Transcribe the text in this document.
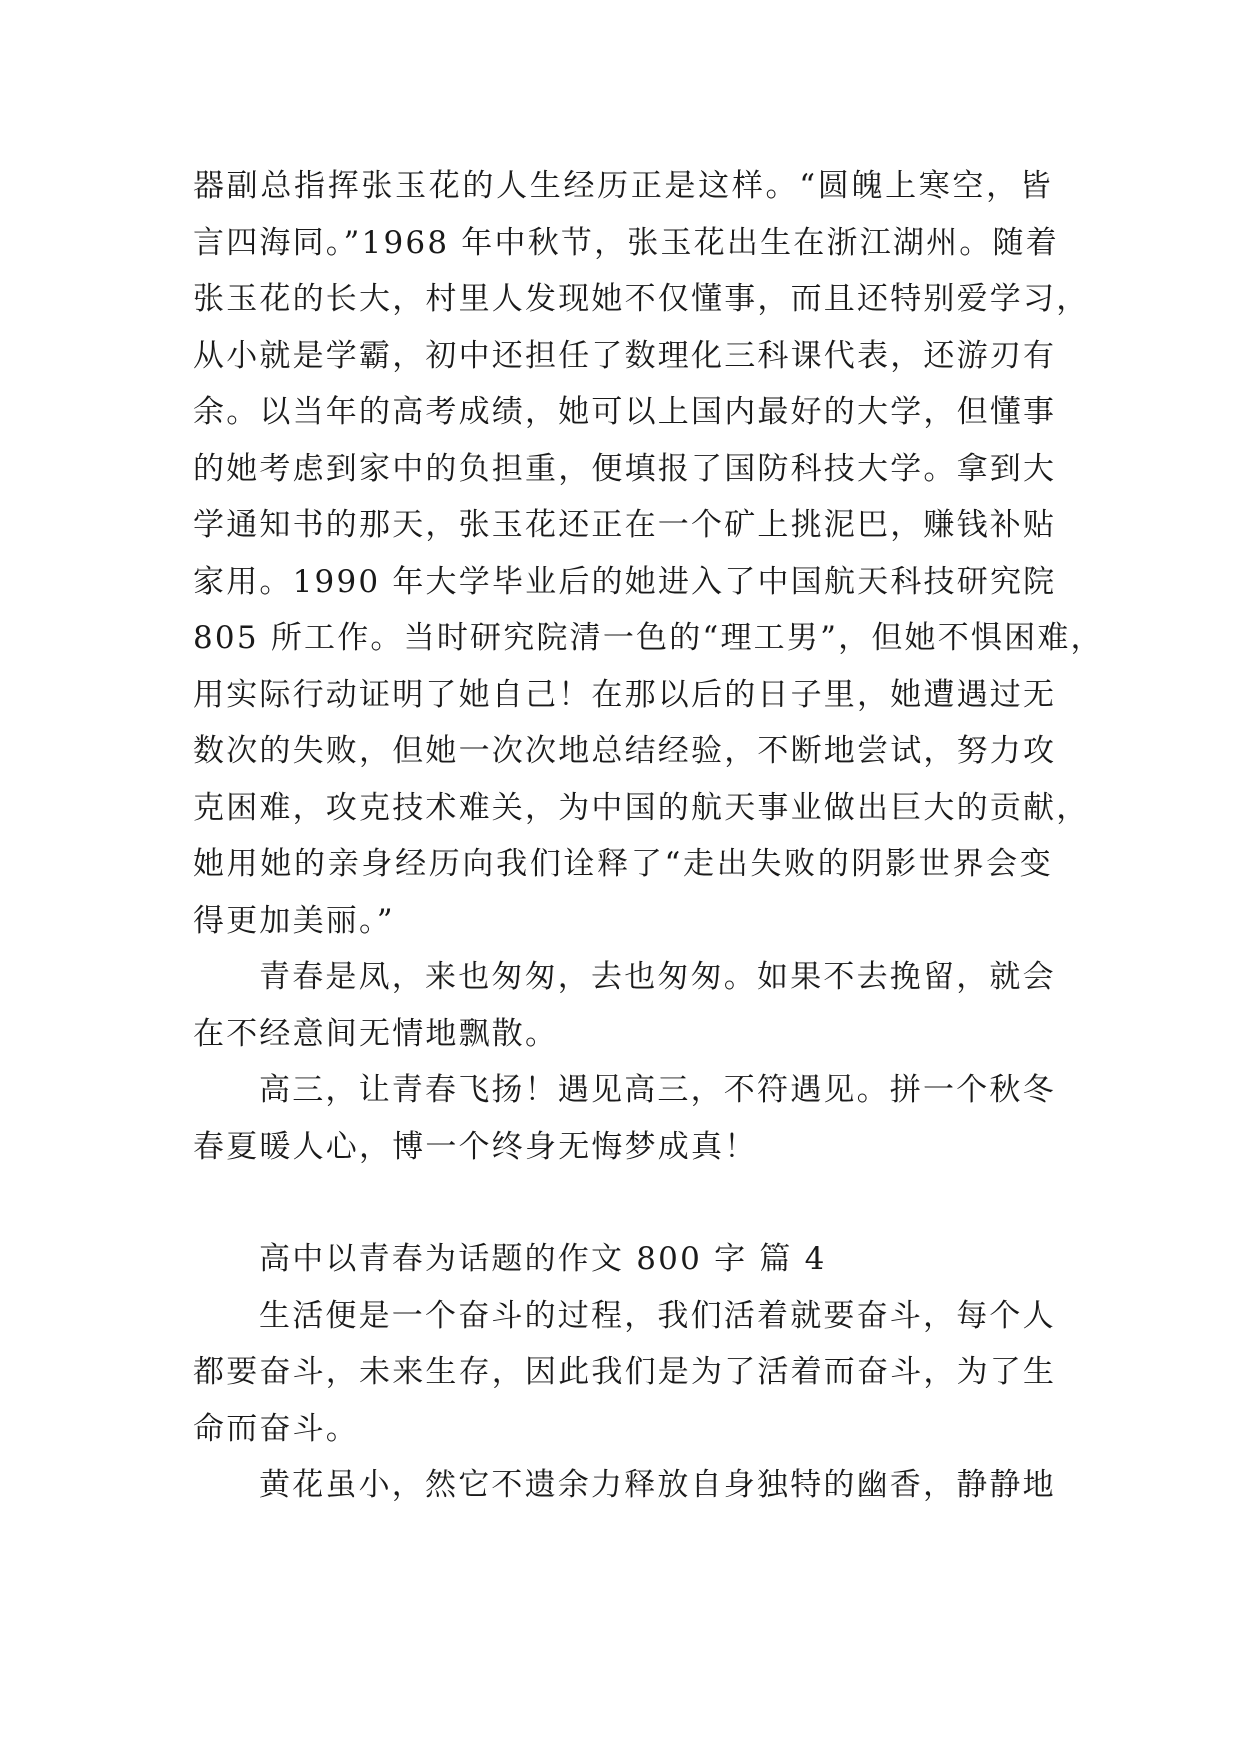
器副总指挥张玉花的人生经历正是这样。“圆魄上寒空，皆
言四海同。”1968 年中秋节，张玉花出生在浙江湖州。随着
张玉花的长大，村里人发现她不仅懂事，而且还特别爱学习，
从小就是学霸，初中还担任了数理化三科课代表，还游刃有
余。以当年的高考成绩，她可以上国内最好的大学，但懂事
的她考虑到家中的负担重，便填报了国防科技大学。拿到大
学通知书的那天，张玉花还正在一个矿上挑泥巴，赚钱补贴
家用。1990 年大学毕业后的她进入了中国航天科技研究院
805 所工作。当时研究院清一色的“理工男”，但她不惧困难，
用实际行动证明了她自己！在那以后的日子里，她遭遇过无
数次的失败，但她一次次地总结经验，不断地尝试，努力攻
克困难，攻克技术难关，为中国的航天事业做出巨大的贡献，
她用她的亲身经历向我们诠释了“走出失败的阴影世界会变
得更加美丽。”
青春是凤，来也匆匆，去也匆匆。如果不去挽留，就会
在不经意间无情地飘散。
高三，让青春飞扬！遇见高三，不符遇见。拼一个秋冬
春夏暖人心，博一个终身无悔梦成真！
高中以青春为话题的作文 800 字 篇 4
生活便是一个奋斗的过程，我们活着就要奋斗，每个人
都要奋斗，未来生存，因此我们是为了活着而奋斗，为了生
命而奋斗。
黄花虽小，然它不遗余力释放自身独特的幽香，静静地
